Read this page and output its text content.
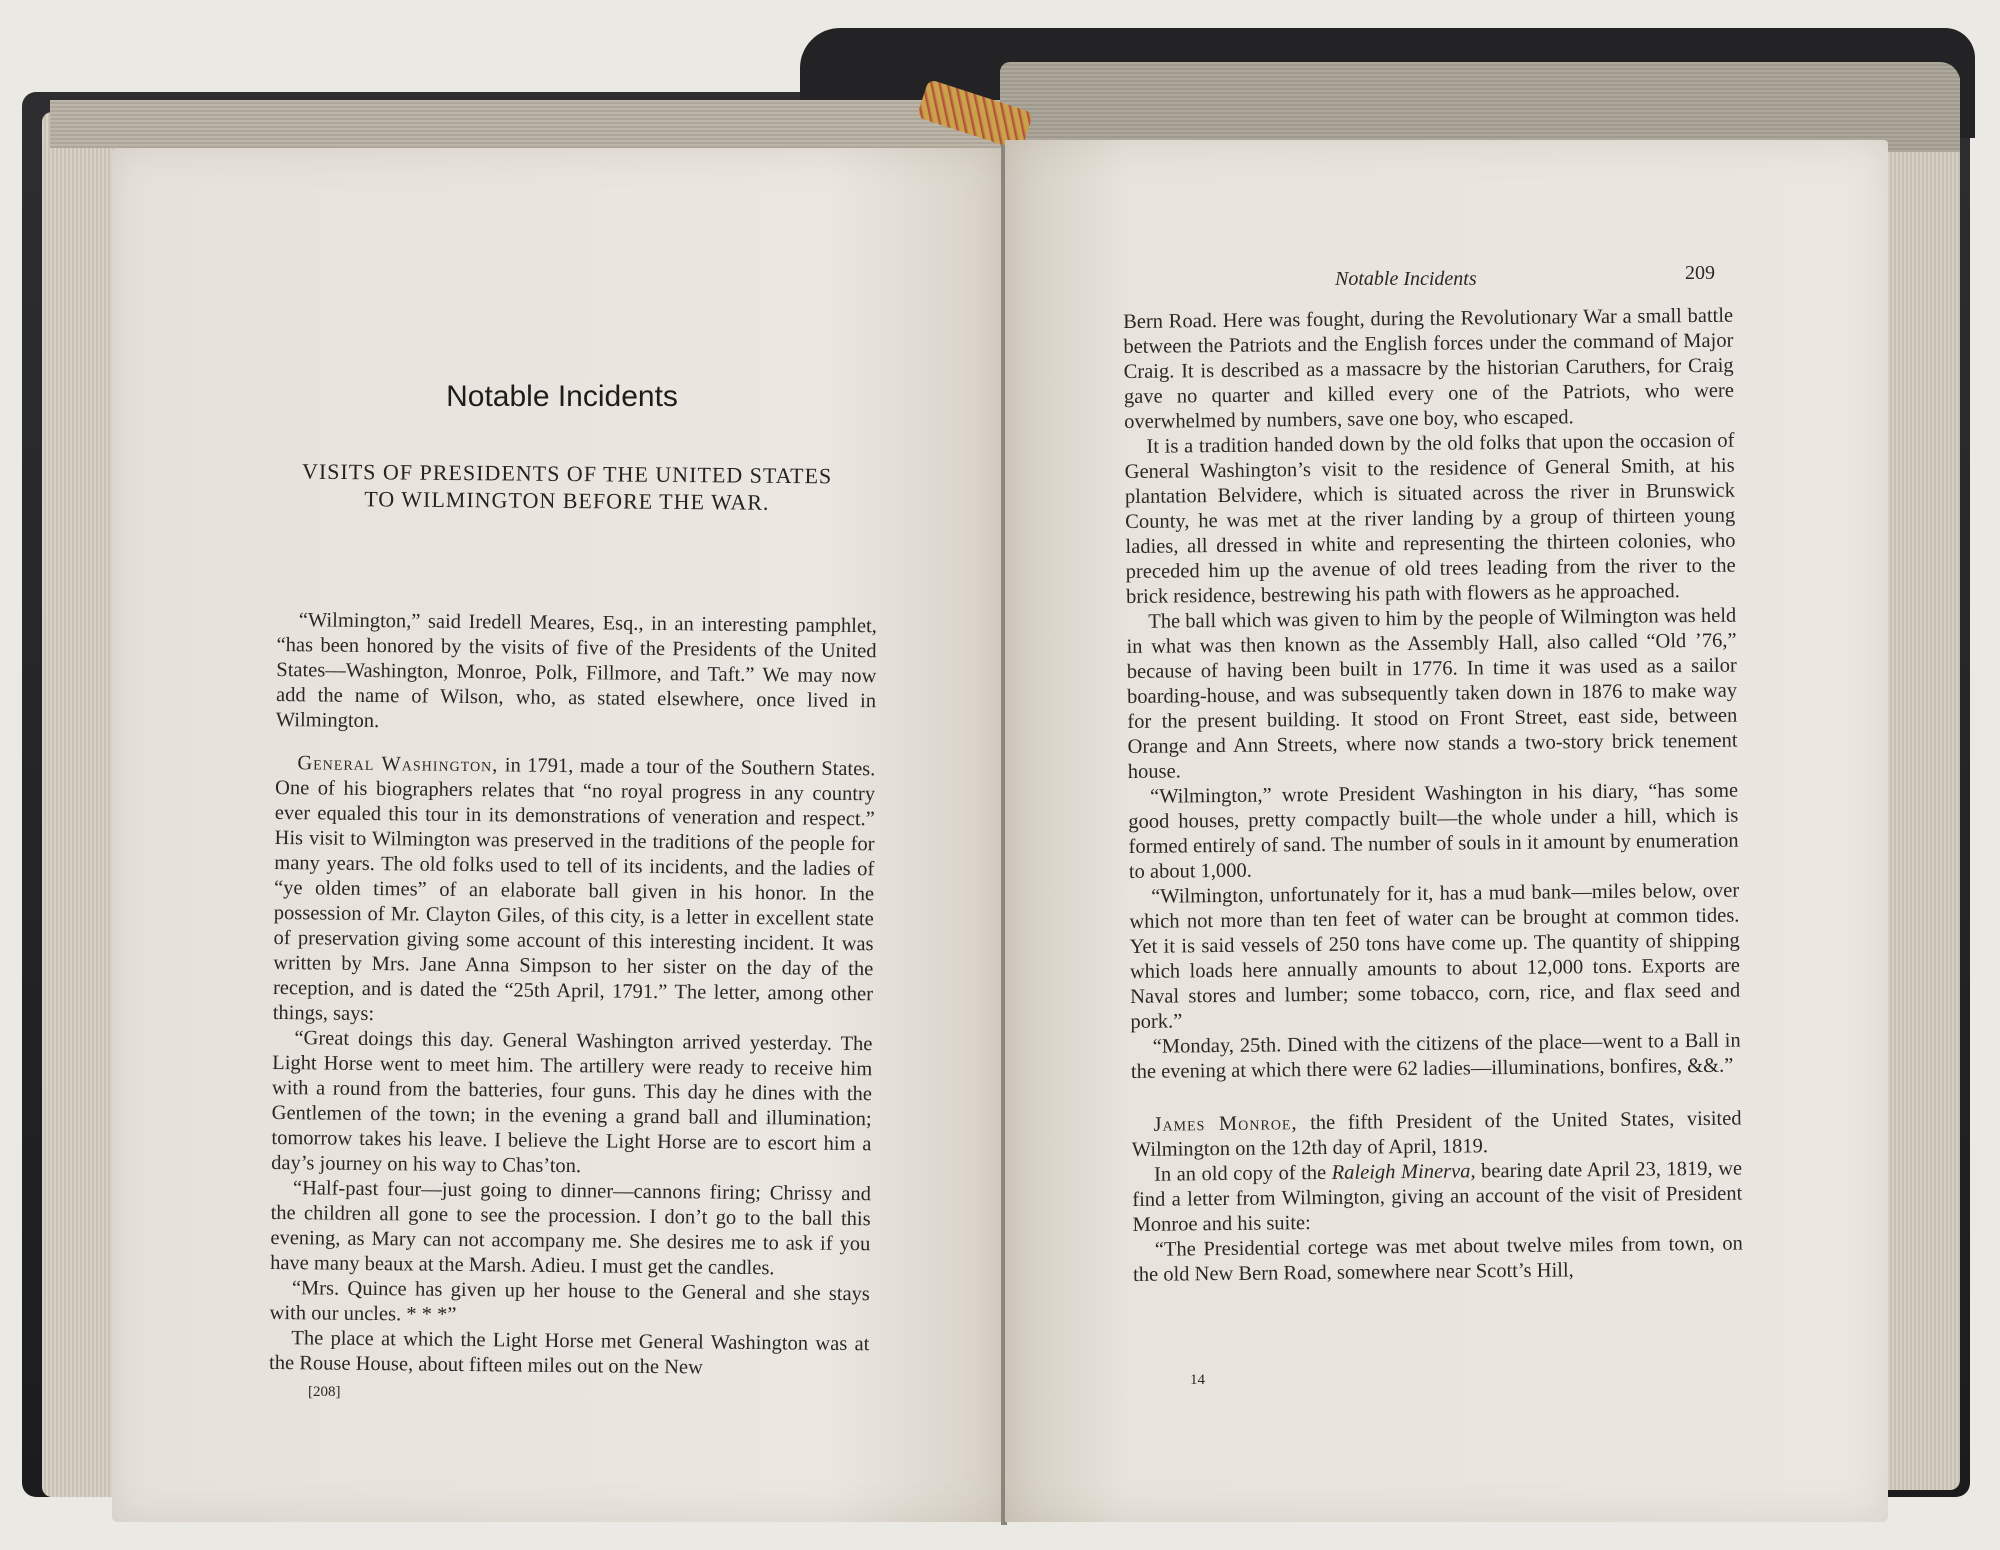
Notable Incidents
VISITS OF PRESIDENTS OF THE UNITED STATES
TO WILMINGTON BEFORE THE WAR.

“Wilmington,” said Iredell Meares, Esq., in an interesting pamphlet, “has been honored by the visits of five of the Presidents of the United States—Washington, Monroe, Polk, Fillmore, and Taft.” We may now add the name of Wilson, who, as stated elsewhere, once lived in Wilmington.

General Washington, in 1791, made a tour of the Southern States. One of his biographers relates that “no royal progress in any country ever equaled this tour in its demonstrations of veneration and respect.” His visit to Wilmington was preserved in the traditions of the people for many years. The old folks used to tell of its incidents, and the ladies of “ye olden times” of an elaborate ball given in his honor. In the possession of Mr. Clayton Giles, of this city, is a letter in excellent state of preservation giving some account of this interesting incident. It was written by Mrs. Jane Anna Simpson to her sister on the day of the reception, and is dated the “25th April, 1791.” The letter, among other things, says:

“Great doings this day. General Washington arrived yesterday. The Light Horse went to meet him. The artillery were ready to receive him with a round from the batteries, four guns. This day he dines with the Gentlemen of the town; in the evening a grand ball and illumination; tomorrow takes his leave. I believe the Light Horse are to escort him a day’s journey on his way to Chas’ton.

“Half-past four—just going to dinner—cannons firing; Chrissy and the children all gone to see the procession. I don’t go to the ball this evening, as Mary can not accompany me. She desires me to ask if you have many beaux at the Marsh. Adieu. I must get the candles.

“Mrs. Quince has given up her house to the General and she stays with our uncles. * * *”

The place at which the Light Horse met General Washington was at the Rouse House, about fifteen miles out on the New

[208]
Notable Incidents	209

Bern Road. Here was fought, during the Revolutionary War a small battle between the Patriots and the English forces under the command of Major Craig. It is described as a massacre by the historian Caruthers, for Craig gave no quarter and killed every one of the Patriots, who were overwhelmed by numbers, save one boy, who escaped.

It is a tradition handed down by the old folks that upon the occasion of General Washington’s visit to the residence of General Smith, at his plantation Belvidere, which is situated across the river in Brunswick County, he was met at the river landing by a group of thirteen young ladies, all dressed in white and representing the thirteen colonies, who preceded him up the avenue of old trees leading from the river to the brick residence, bestrewing his path with flowers as he approached.

The ball which was given to him by the people of Wilmington was held in what was then known as the Assembly Hall, also called “Old ’76,” because of having been built in 1776. In time it was used as a sailor boarding-house, and was subsequently taken down in 1876 to make way for the present building. It stood on Front Street, east side, between Orange and Ann Streets, where now stands a two-story brick tenement house.

“Wilmington,” wrote President Washington in his diary, “has some good houses, pretty compactly built—the whole under a hill, which is formed entirely of sand. The number of souls in it amount by enumeration to about 1,000.

“Wilmington, unfortunately for it, has a mud bank—miles below, over which not more than ten feet of water can be brought at common tides. Yet it is said vessels of 250 tons have come up. The quantity of shipping which loads here annually amounts to about 12,000 tons. Exports are Naval stores and lumber; some tobacco, corn, rice, and flax seed and pork.”

“Monday, 25th. Dined with the citizens of the place—went to a Ball in the evening at which there were 62 ladies—illuminations, bonfires, &&.”

James Monroe, the fifth President of the United States, visited Wilmington on the 12th day of April, 1819.

In an old copy of the Raleigh Minerva, bearing date April 23, 1819, we find a letter from Wilmington, giving an account of the visit of President Monroe and his suite:

“The Presidential cortege was met about twelve miles from town, on the old New Bern Road, somewhere near Scott’s Hill,

14
